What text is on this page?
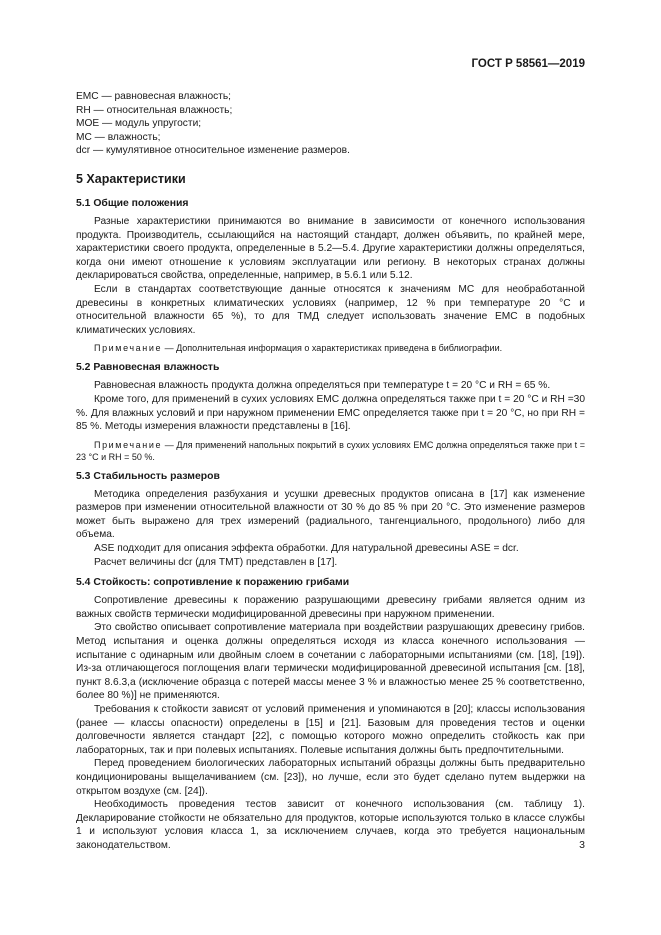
ГОСТ Р 58561—2019
EMC — равновесная влажность;
RH — относительная влажность;
MOE — модуль упругости;
MC — влажность;
dcr — кумулятивное относительное изменение размеров.
5 Характеристики
5.1 Общие положения

Разные характеристики принимаются во внимание в зависимости от конечного использования продукта. Производитель, ссылающийся на настоящий стандарт, должен объявить, по крайней мере, характеристики своего продукта, определенные в 5.2—5.4. Другие характеристики должны определяться, когда они имеют отношение к условиям эксплуатации или региону. В некоторых странах должны декларироваться свойства, определенные, например, в 5.6.1 или 5.12.

Если в стандартах соответствующие данные относятся к значениям MC для необработанной древесины в конкретных климатических условиях (например, 12 % при температуре 20 °C и относительной влажности 65 %), то для ТМД следует использовать значение EMC в подобных климатических условиях.

Примечание — Дополнительная информация о характеристиках приведена в библиографии.

5.2 Равновесная влажность

Равновесная влажность продукта должна определяться при температуре t = 20 °C и RH = 65 %.

Кроме того, для применений в сухих условиях EMC должна определяться также при t = 20 °C и RH =30 %. Для влажных условий и при наружном применении EMC определяется также при t = 20 °C, но при RH = 85 %. Методы измерения влажности представлены в [16].

Примечание — Для применений напольных покрытий в сухих условиях EMC должна определяться также при t = 23 °C и RH = 50 %.

5.3 Стабильность размеров

Методика определения разбухания и усушки древесных продуктов описана в [17] как изменение размеров при изменении относительной влажности от 30 % до 85 % при 20 °C. Это изменение размеров может быть выражено для трех измерений (радиального, тангенциального, продольного) либо для объема.

ASE подходит для описания эффекта обработки. Для натуральной древесины ASE = dcr.

Расчет величины dcr (для ТМТ) представлен в [17].

5.4 Стойкость: сопротивление к поражению грибами

Сопротивление древесины к поражению разрушающими древесину грибами является одним из важных свойств термически модифицированной древесины при наружном применении.

Это свойство описывает сопротивление материала при воздействии разрушающих древесину грибов. Метод испытания и оценка должны определяться исходя из класса конечного использования — испытание с одинарным или двойным слоем в сочетании с лабораторными испытаниями (см. [18], [19]). Из-за отличающегося поглощения влаги термически модифицированной древесиной испытания [см. [18], пункт 8.6.3,a (исключение образца с потерей массы менее 3 % и влажностью менее 25 % соответственно, более 80 %)] не применяются.

Требования к стойкости зависят от условий применения и упоминаются в [20]; классы использования (ранее — классы опасности) определены в [15] и [21]. Базовым для проведения тестов и оценки долговечности является стандарт [22], с помощью которого можно определить стойкость как при лабораторных, так и при полевых испытаниях. Полевые испытания должны быть предпочтительными.

Перед проведением биологических лабораторных испытаний образцы должны быть предварительно кондиционированы выщелачиванием (см. [23]), но лучше, если это будет сделано путем выдержки на открытом воздухе (см. [24]).

Необходимость проведения тестов зависит от конечного использования (см. таблицу 1). Декларирование стойкости не обязательно для продуктов, которые используются только в классе службы 1 и используют условия класса 1, за исключением случаев, когда это требуется национальным законодательством.	3
